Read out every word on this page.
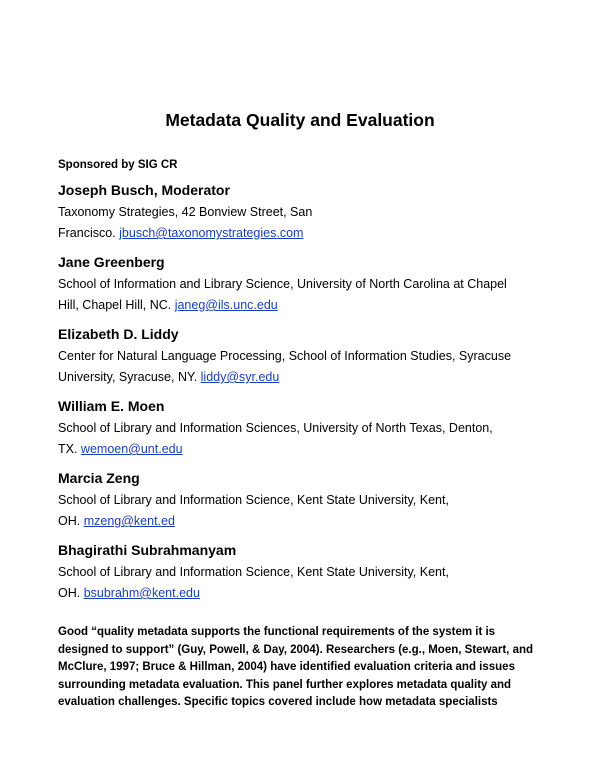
Metadata Quality and Evaluation

Sponsored by SIG CR

Joseph Busch, Moderator
Taxonomy Strategies, 42 Bonview Street, San
Francisco. jbusch@taxonomystrategies.com
Jane Greenberg
School of Information and Library Science, University of North Carolina at Chapel
Hill, Chapel Hill, NC. janeg@ils.unc.edu
Elizabeth D. Liddy
Center for Natural Language Processing, School of Information Studies, Syracuse
University, Syracuse, NY. liddy@syr.edu
William E. Moen
School of Library and Information Sciences, University of North Texas, Denton,
TX. wemoen@unt.edu
Marcia Zeng
School of Library and Information Science, Kent State University, Kent,
OH. mzeng@kent.ed
Bhagirathi Subrahmanyam
School of Library and Information Science, Kent State University, Kent,
OH. bsubrahm@kent.edu

Good “quality metadata supports the functional requirements of the system it is
designed to support” (Guy, Powell, & Day, 2004). Researchers (e.g., Moen, Stewart, and
McClure, 1997; Bruce & Hillman, 2004) have identified evaluation criteria and issues
surrounding metadata evaluation. This panel further explores metadata quality and
evaluation challenges. Specific topics covered include how metadata specialists
